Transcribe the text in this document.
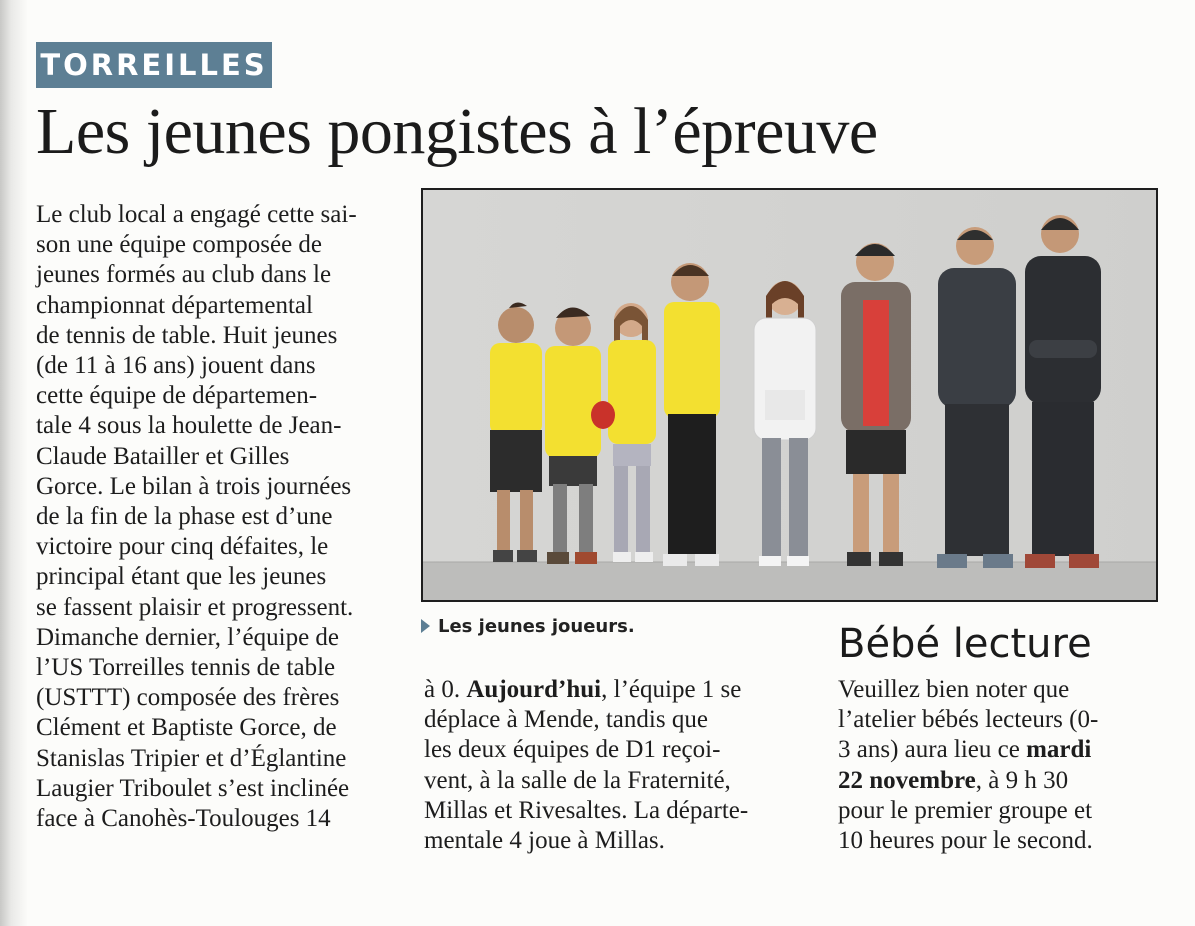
TORREILLES
Les jeunes pongistes à l’épreuve
Le club local a engagé cette sai-
son une équipe composée de
jeunes formés au club dans le
championnat départemental
de tennis de table. Huit jeunes
(de 11 à 16 ans) jouent dans
cette équipe de départemen-
tale 4 sous la houlette de Jean-
Claude Batailler et Gilles
Gorce. Le bilan à trois journées
de la fin de la phase est d’une
victoire pour cinq défaites, le
principal étant que les jeunes
se fassent plaisir et progressent.
Dimanche dernier, l’équipe de
l’US Torreilles tennis de table
(USTTT) composée des frères
Clément et Baptiste Gorce, de
Stanislas Tripier et d’Églantine
Laugier Triboulet s’est inclinée
face à Canohès-Toulouges 14
Les jeunes joueurs.
à 0. Aujourd’hui, l’équipe 1 se
déplace à Mende, tandis que
les deux équipes de D1 reçoi-
vent, à la salle de la Fraternité,
Millas et Rivesaltes. La départe-
mentale 4 joue à Millas.
Bébé lecture
Veuillez bien noter que
l’atelier bébés lecteurs (0-
3 ans) aura lieu ce mardi
22 novembre, à 9 h 30
pour le premier groupe et
10 heures pour le second.
